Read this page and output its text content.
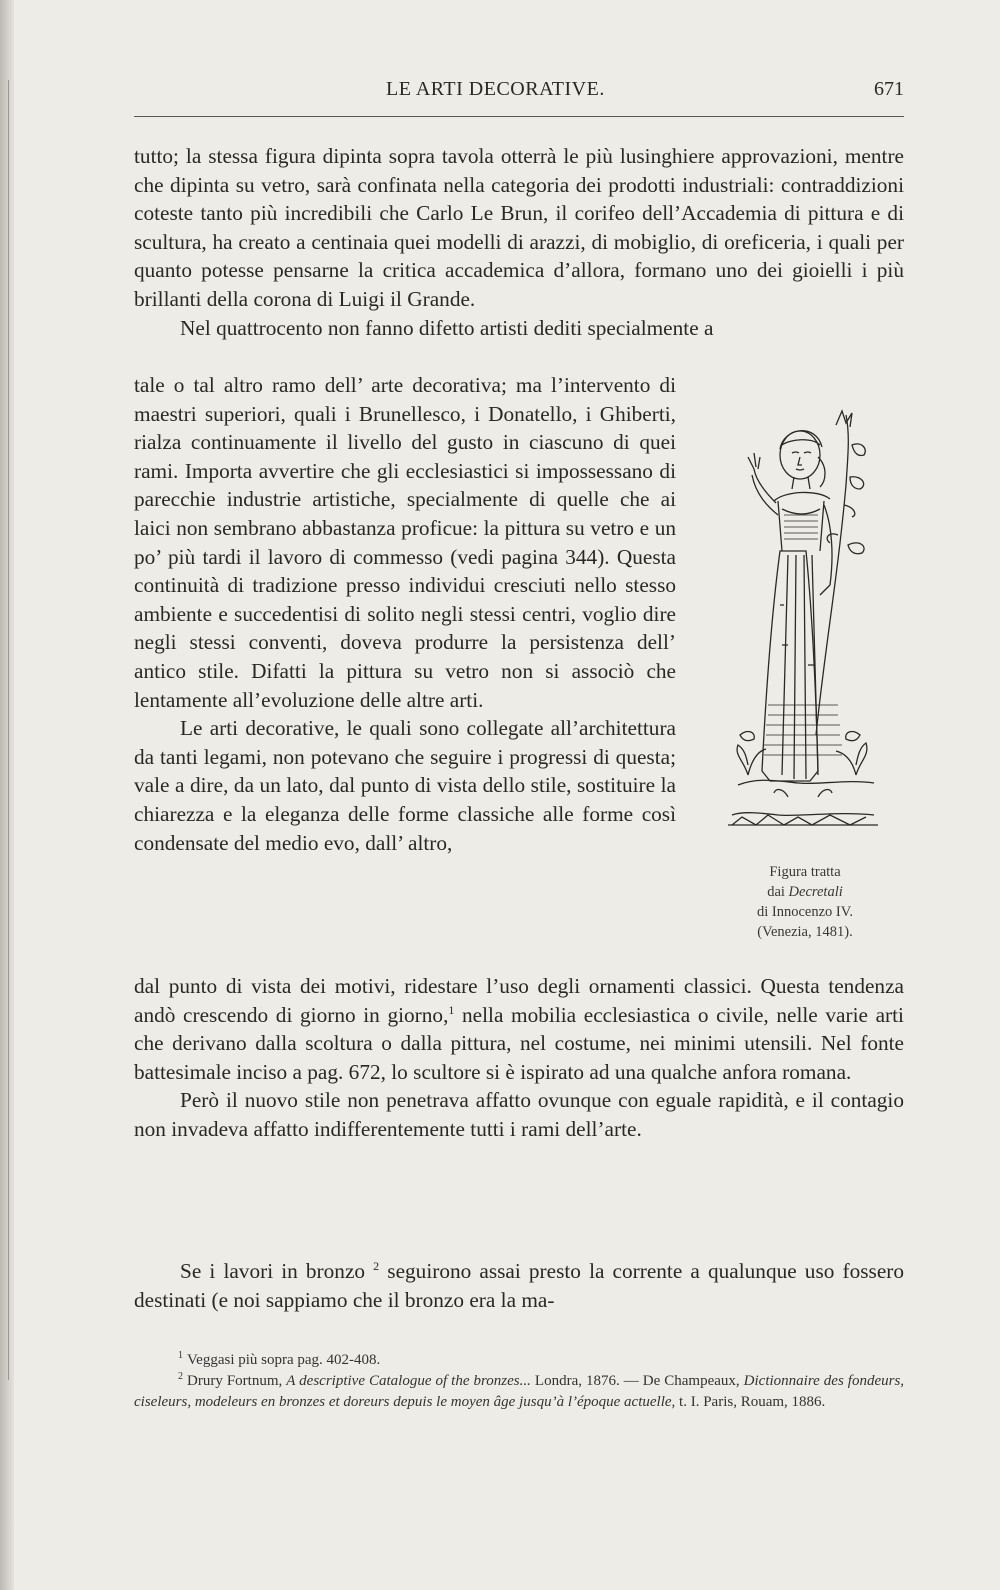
LE ARTI DECORATIVE.	671

tutto; la stessa figura dipinta sopra tavola otterrà le più lusinghiere approvazioni, mentre che dipinta su vetro, sarà confinata nella categoria dei prodotti industriali: contraddizioni coteste tanto più incredibili che Carlo Le Brun, il corifeo dell’Accademia di pittura e di scultura, ha creato a centinaia quei modelli di arazzi, di mobiglio, di oreficeria, i quali per quanto potesse pensarne la critica accademica d’allora, formano uno dei gioielli i più brillanti della corona di Luigi il Grande.

Nel quattrocento non fanno difetto artisti dediti specialmente a

tale o tal altro ramo dell’ arte decorativa; ma l’intervento di maestri superiori, quali i Brunellesco, i Donatello, i Ghiberti, rialza continuamente il livello del gusto in ciascuno di quei rami. Importa avvertire che gli ecclesiastici si impossessano di parecchie industrie artistiche, specialmente di quelle che ai laici non sembrano abbastanza proficue: la pittura su vetro e un po’ più tardi il lavoro di commesso (vedi pagina 344). Questa continuità di tradizione presso individui cresciuti nello stesso ambiente e succedentisi di solito negli stessi centri, voglio dire negli stessi conventi, doveva produrre la persistenza dell’ antico stile. Difatti la pittura su vetro non si associò che lentamente all’evoluzione delle altre arti.

Le arti decorative, le quali sono collegate all’architettura da tanti legami, non potevano che seguire i progressi di questa; vale a dire, da un lato, dal punto di vista dello stile, sostituire la chiarezza e la eleganza delle forme classiche alle forme così condensate del medio evo, dall’ altro,

Figura tratta
dai Decretali
di Innocenzo IV.
(Venezia, 1481).

dal punto di vista dei motivi, ridestare l’uso degli ornamenti classici. Questa tendenza andò crescendo di giorno in giorno,$^1$ nella mobilia ecclesiastica o civile, nelle varie arti che derivano dalla scoltura o dalla pittura, nel costume, nei minimi utensili. Nel fonte battesimale inciso a pag. 672, lo scultore si è ispirato ad una qualche anfora romana.

Però il nuovo stile non penetrava affatto ovunque con eguale rapidità, e il contagio non invadeva affatto indifferentemente tutti i rami dell’arte.

Se i lavori in bronzo $^2$ seguirono assai presto la corrente a qualunque uso fossero destinati (e noi sappiamo che il bronzo era la ma-

$^1$ Veggasi più sopra pag. 402-408.
$^2$ Drury Fortnum, A descriptive Catalogue of the bronzes... Londra, 1876. — De Champeaux, Dictionnaire des fondeurs, ciseleurs, modeleurs en bronzes et doreurs depuis le moyen âge jusqu’à l’époque actuelle, t. I. Paris, Rouam, 1886.
